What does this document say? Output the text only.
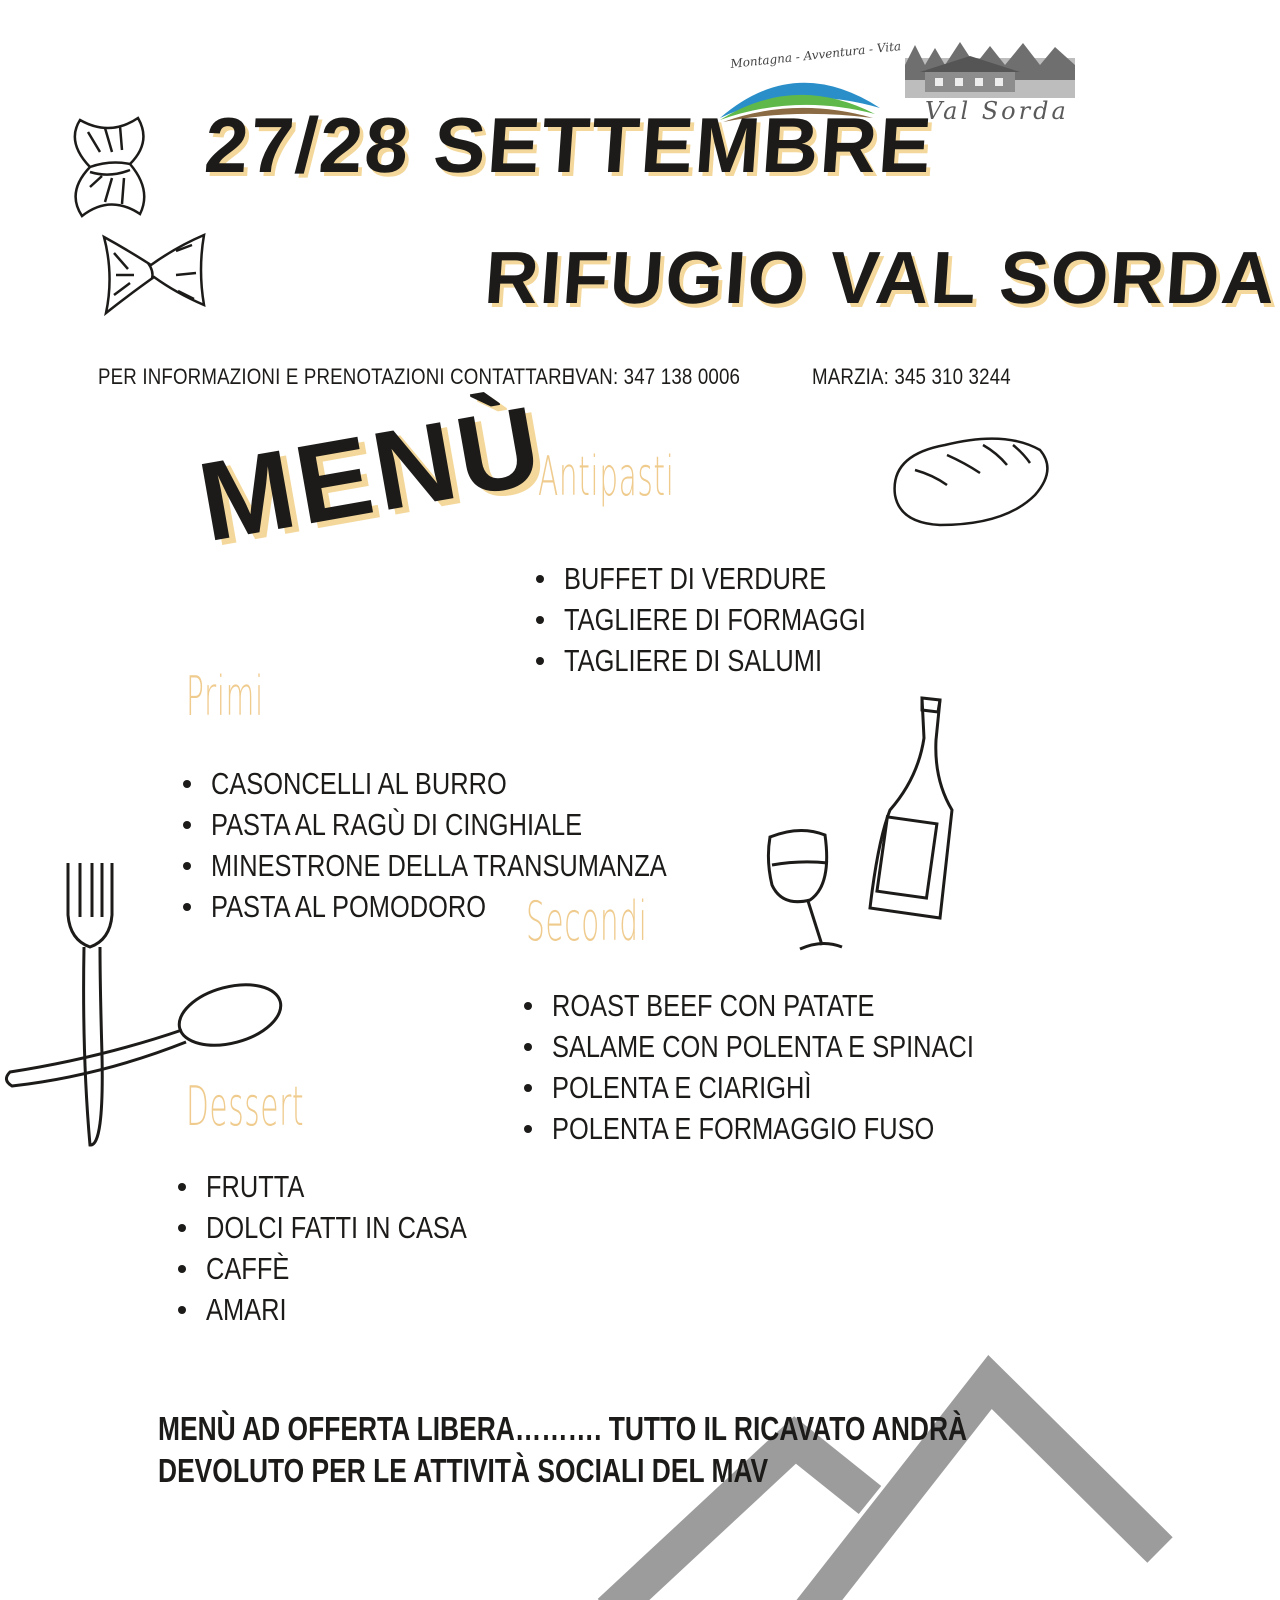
Montagna - Avventura - Vita
Val Sorda
27/28 SETTEMBRE
RIFUGIO VAL SORDA
PER INFORMAZIONI E PRENOTAZIONI CONTATTARE
IVAN: 347 138 0006	MARZIA: 345 310 3244
MENÙ
Antipasti
BUFFET DI VERDURE
TAGLIERE DI FORMAGGI
TAGLIERE DI SALUMI
Primi
CASONCELLI AL BURRO
PASTA AL RAGÙ DI CINGHIALE
MINESTRONE DELLA TRANSUMANZA
PASTA AL POMODORO Secondi
ROAST BEEF CON PATATE
SALAME CON POLENTA E SPINACI
POLENTA E CIARIGHÌ
POLENTA E FORMAGGIO FUSO
Dessert
FRUTTA
DOLCI FATTI IN CASA
CAFFÈ
AMARI
MENÙ AD OFFERTA LIBERA………. TUTTO IL RICAVATO ANDRÀ
DEVOLUTO PER LE ATTIVITÀ SOCIALI DEL MAV
